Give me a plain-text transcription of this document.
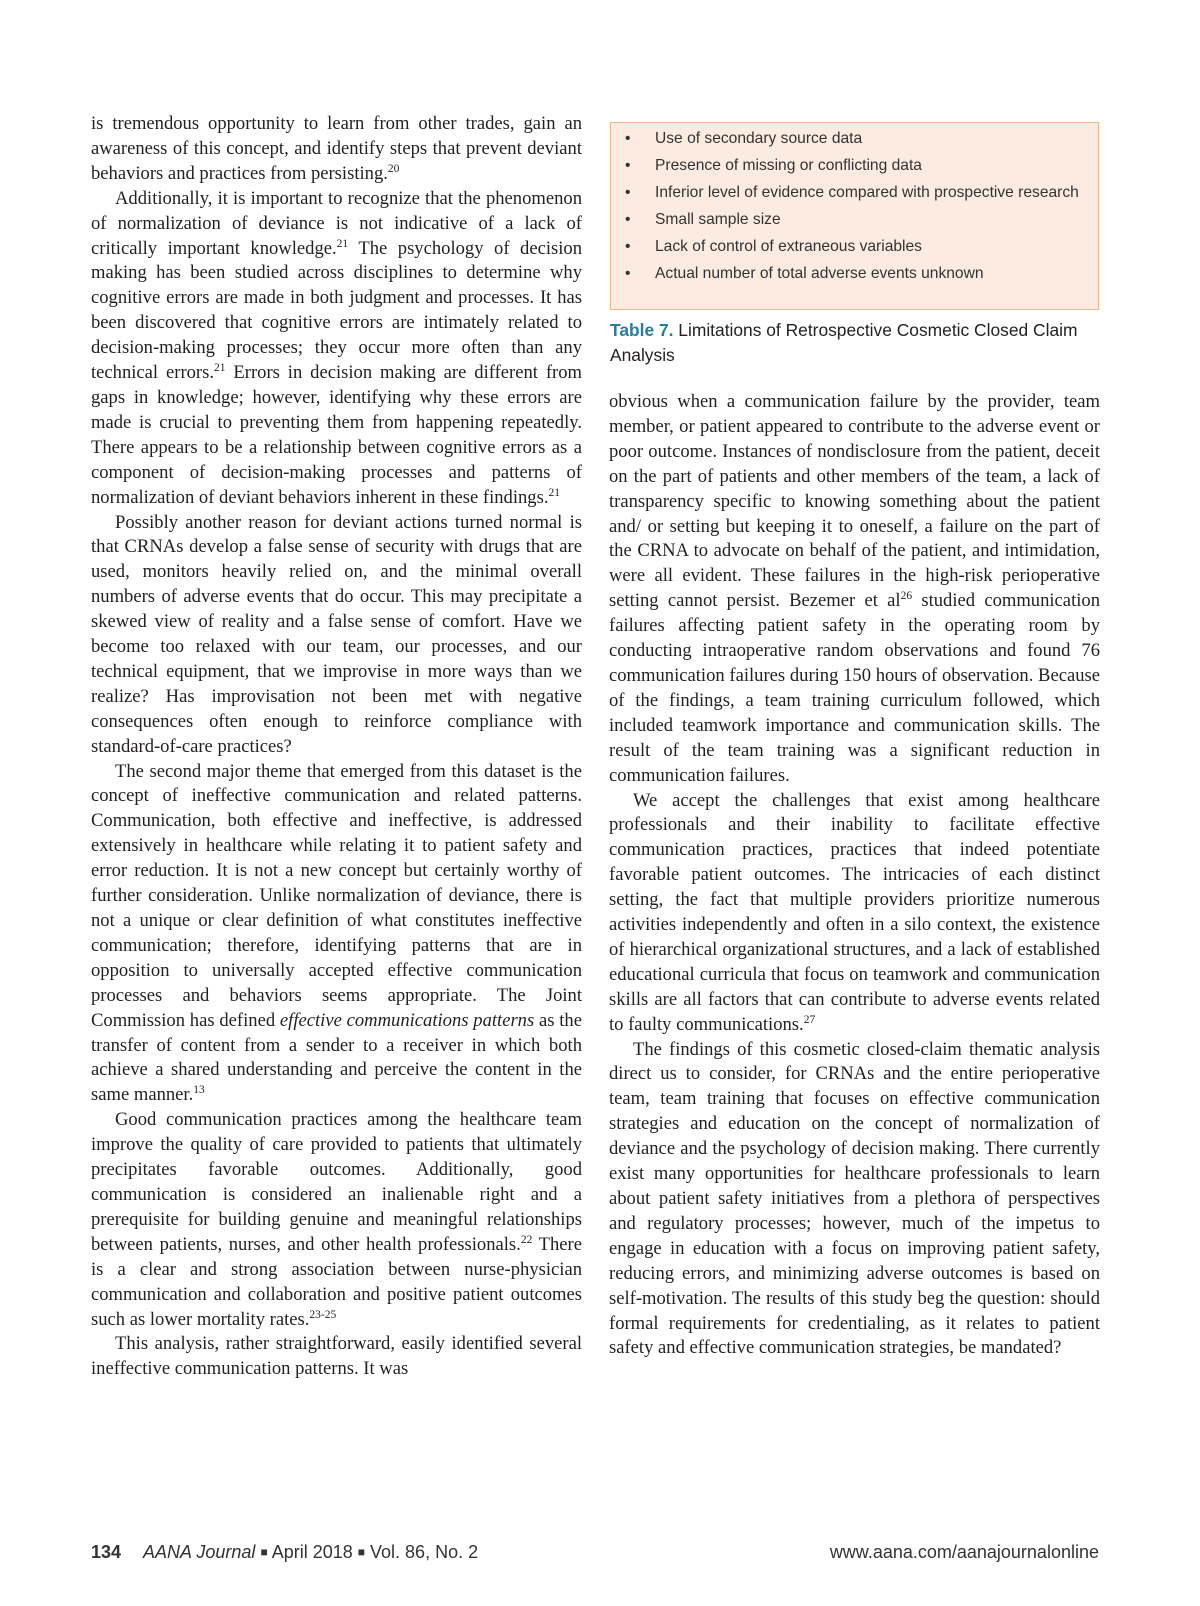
is tremendous opportunity to learn from other trades, gain an awareness of this concept, and identify steps that prevent deviant behaviors and practices from persisting.$^{20}$

Additionally, it is important to recognize that the phenomenon of normalization of deviance is not indicative of a lack of critically important knowledge.$^{21}$ The psychology of decision making has been studied across disciplines to determine why cognitive errors are made in both judgment and processes. It has been discovered that cognitive errors are intimately related to decision-making processes; they occur more often than any technical errors.$^{21}$ Errors in decision making are different from gaps in knowledge; however, identifying why these errors are made is crucial to preventing them from happening repeatedly. There appears to be a relationship between cognitive errors as a component of decision-making processes and patterns of normalization of deviant behaviors inherent in these findings.$^{21}$

Possibly another reason for deviant actions turned normal is that CRNAs develop a false sense of security with drugs that are used, monitors heavily relied on, and the minimal overall numbers of adverse events that do occur. This may precipitate a skewed view of reality and a false sense of comfort. Have we become too relaxed with our team, our processes, and our technical equipment, that we improvise in more ways than we realize? Has improvisation not been met with negative consequences often enough to reinforce compliance with standard-of-care practices?

The second major theme that emerged from this dataset is the concept of ineffective communication and related patterns. Communication, both effective and ineffective, is addressed extensively in healthcare while relating it to patient safety and error reduction. It is not a new concept but certainly worthy of further consideration. Unlike normalization of deviance, there is not a unique or clear definition of what constitutes ineffective communication; therefore, identifying patterns that are in opposition to universally accepted effective communication processes and behaviors seems appropriate. The Joint Commission has defined effective communications patterns as the transfer of content from a sender to a receiver in which both achieve a shared understanding and perceive the content in the same manner.$^{13}$

Good communication practices among the healthcare team improve the quality of care provided to patients that ultimately precipitates favorable outcomes. Additionally, good communication is considered an inalienable right and a prerequisite for building genuine and meaningful relationships between patients, nurses, and other health professionals.$^{22}$ There is a clear and strong association between nurse-physician communication and collaboration and positive patient outcomes such as lower mortality rates.$^{23-25}$

This analysis, rather straightforward, easily identified several ineffective communication patterns. It was

• Use of secondary source data
• Presence of missing or conflicting data
• Inferior level of evidence compared with prospective research
• Small sample size
• Lack of control of extraneous variables
• Actual number of total adverse events unknown
Table 7. Limitations of Retrospective Cosmetic Closed Claim Analysis

obvious when a communication failure by the provider, team member, or patient appeared to contribute to the adverse event or poor outcome. Instances of nondisclosure from the patient, deceit on the part of patients and other members of the team, a lack of transparency specific to knowing something about the patient and/ or setting but keeping it to oneself, a failure on the part of the CRNA to advocate on behalf of the patient, and intimidation, were all evident. These failures in the high-risk perioperative setting cannot persist. Bezemer et $al^{26}$ studied communication failures affecting patient safety in the operating room by conducting intraoperative random observations and found 76 communication failures during 150 hours of observation. Because of the findings, a team training curriculum followed, which included teamwork importance and communication skills. The result of the team training was a significant reduction in communication failures.

We accept the challenges that exist among healthcare professionals and their inability to facilitate effective communication practices, practices that indeed potentiate favorable patient outcomes. The intricacies of each distinct setting, the fact that multiple providers prioritize numerous activities independently and often in a silo context, the existence of hierarchical organizational structures, and a lack of established educational curricula that focus on teamwork and communication skills are all factors that can contribute to adverse events related to faulty communications.$^{27}$

The findings of this cosmetic closed-claim thematic analysis direct us to consider, for CRNAs and the entire perioperative team, team training that focuses on effective communication strategies and education on the concept of normalization of deviance and the psychology of decision making. There currently exist many opportunities for healthcare professionals to learn about patient safety initiatives from a plethora of perspectives and regulatory processes; however, much of the impetus to engage in education with a focus on improving patient safety, reducing errors, and minimizing adverse outcomes is based on self-motivation. The results of this study beg the question: should formal requirements for credentialing, as it relates to patient safety and effective communication strategies, be mandated?

134 AANA Journal ■ April 2018 ■ Vol. 86, No. 2	www.aana.com/aanajournalonline
